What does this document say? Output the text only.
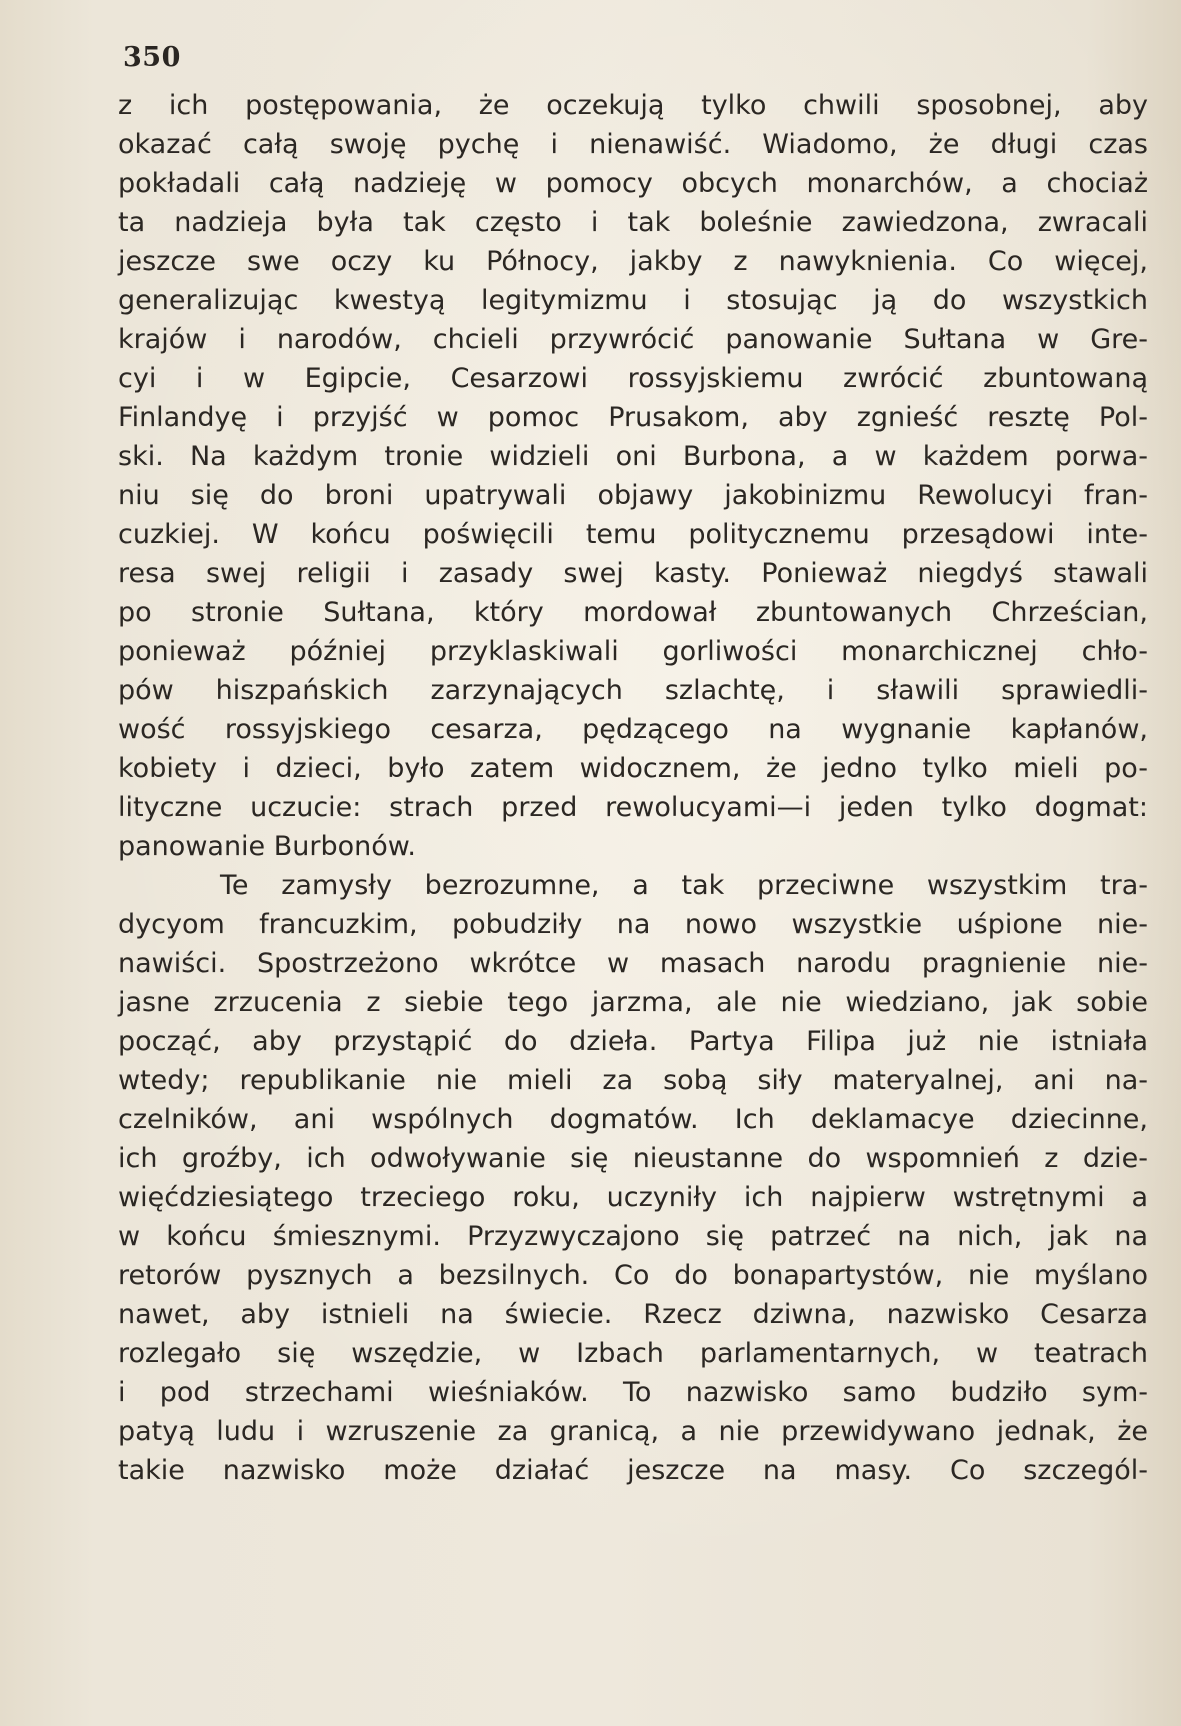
350
z ich postępowania, że oczekują tylko chwili sposobnej, aby
okazać całą swoję pychę i nienawiść. Wiadomo, że długi czas
pokładali całą nadzieję w pomocy obcych monarchów, a chociaż
ta nadzieja była tak często i tak boleśnie zawiedzona, zwracali
jeszcze swe oczy ku Północy, jakby z nawyknienia. Co więcej,
generalizując kwestyą legitymizmu i stosując ją do wszystkich
krajów i narodów, chcieli przywrócić panowanie Sułtana w Gre-
cyi i w Egipcie, Cesarzowi rossyjskiemu zwrócić zbuntowaną
Finlandyę i przyjść w pomoc Prusakom, aby zgnieść resztę Pol-
ski. Na każdym tronie widzieli oni Burbona, a w każdem porwa-
niu się do broni upatrywali objawy jakobinizmu Rewolucyi fran-
cuzkiej. W końcu poświęcili temu politycznemu przesądowi inte-
resa swej religii i zasady swej kasty. Ponieważ niegdyś stawali
po stronie Sułtana, który mordował zbuntowanych Chrześcian,
ponieważ później przyklaskiwali gorliwości monarchicznej chło-
pów hiszpańskich zarzynających szlachtę, i sławili sprawiedli-
wość rossyjskiego cesarza, pędzącego na wygnanie kapłanów,
kobiety i dzieci, było zatem widocznem, że jedno tylko mieli po-
lityczne uczucie: strach przed rewolucyami—i jeden tylko dogmat:
panowanie Burbonów.
Te zamysły bezrozumne, a tak przeciwne wszystkim tra-
dycyom francuzkim, pobudziły na nowo wszystkie uśpione nie-
nawiści. Spostrzeżono wkrótce w masach narodu pragnienie nie-
jasne zrzucenia z siebie tego jarzma, ale nie wiedziano, jak sobie
począć, aby przystąpić do dzieła. Partya Filipa już nie istniała
wtedy; republikanie nie mieli za sobą siły materyalnej, ani na-
czelników, ani wspólnych dogmatów. Ich deklamacye dziecinne,
ich groźby, ich odwoływanie się nieustanne do wspomnień z dzie-
więćdziesiątego trzeciego roku, uczyniły ich najpierw wstrętnymi a
w końcu śmiesznymi. Przyzwyczajono się patrzeć na nich, jak na
retorów pysznych a bezsilnych. Co do bonapartystów, nie myślano
nawet, aby istnieli na świecie. Rzecz dziwna, nazwisko Cesarza
rozlegało się wszędzie, w Izbach parlamentarnych, w teatrach
i pod strzechami wieśniaków. To nazwisko samo budziło sym-
patyą ludu i wzruszenie za granicą, a nie przewidywano jednak, że
takie nazwisko może działać jeszcze na masy. Co szczegól-
